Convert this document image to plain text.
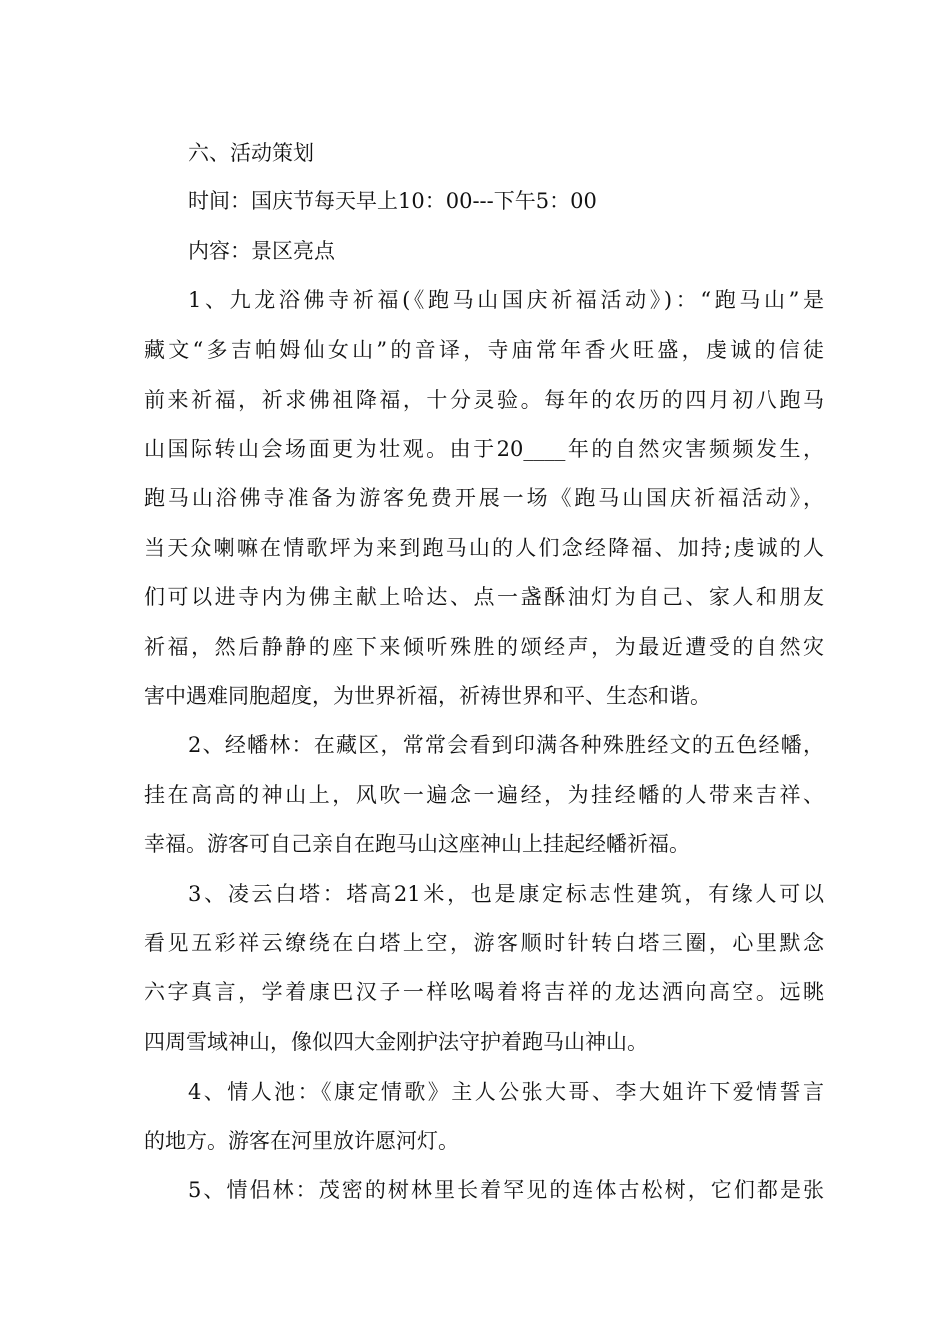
六、活动策划
时间：国庆节每天早上10：00---下午5：00
内容：景区亮点
1、九龙浴佛寺祈福(《跑马山国庆祈福活动》)：“跑马山”是
藏文“多吉帕姆仙女山”的音译，寺庙常年香火旺盛，虔诚的信徒
前来祈福，祈求佛祖降福，十分灵验。每年的农历的四月初八跑马
山国际转山会场面更为壮观。由于20____年的自然灾害频频发生，
跑马山浴佛寺准备为游客免费开展一场《跑马山国庆祈福活动》，
当天众喇嘛在情歌坪为来到跑马山的人们念经降福、加持;虔诚的人
们可以进寺内为佛主献上哈达、点一盏酥油灯为自己、家人和朋友
祈福，然后静静的座下来倾听殊胜的颂经声，为最近遭受的自然灾
害中遇难同胞超度，为世界祈福，祈祷世界和平、生态和谐。
2、经幡林：在藏区，常常会看到印满各种殊胜经文的五色经幡，
挂在高高的神山上，风吹一遍念一遍经，为挂经幡的人带来吉祥、
幸福。游客可自己亲自在跑马山这座神山上挂起经幡祈福。
3、凌云白塔：塔高21米，也是康定标志性建筑，有缘人可以
看见五彩祥云缭绕在白塔上空，游客顺时针转白塔三圈，心里默念
六字真言，学着康巴汉子一样吆喝着将吉祥的龙达洒向高空。远眺
四周雪域神山，像似四大金刚护法守护着跑马山神山。
4、情人池：《康定情歌》主人公张大哥、李大姐许下爱情誓言
的地方。游客在河里放许愿河灯。
5、情侣林：茂密的树林里长着罕见的连体古松树，它们都是张
